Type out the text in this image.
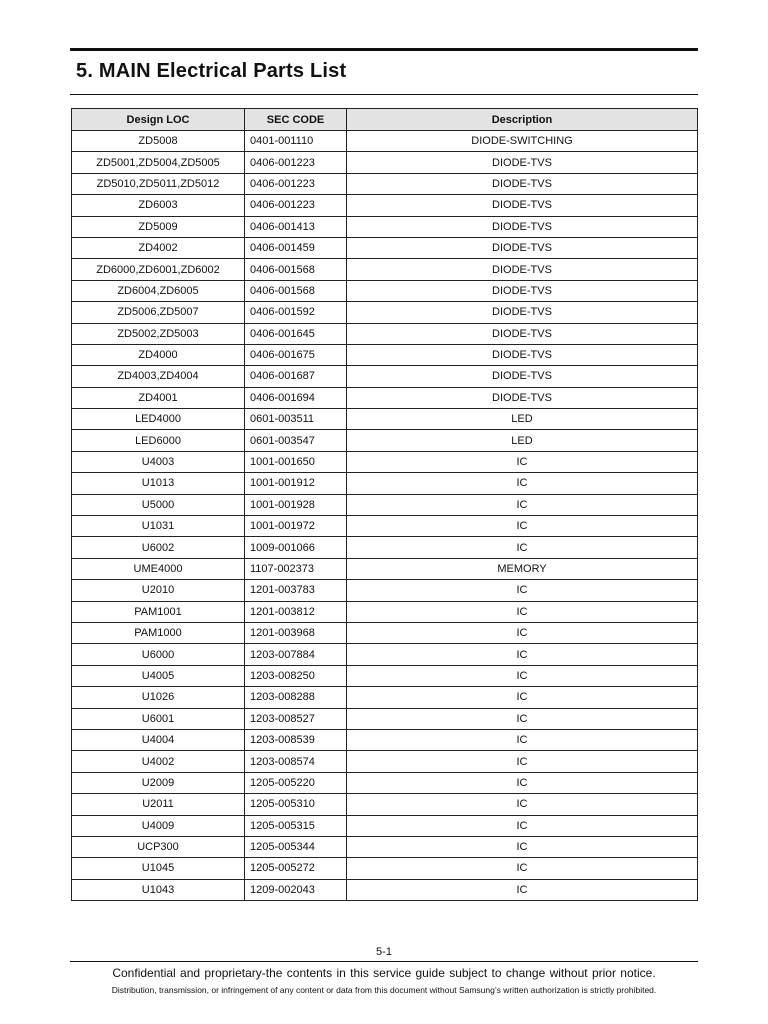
5. MAIN Electrical Parts List
Design LOC	SEC CODE	Description
ZD5008	0401-001110	DIODE-SWITCHING
ZD5001,ZD5004,ZD5005	0406-001223	DIODE-TVS
ZD5010,ZD5011,ZD5012	0406-001223	DIODE-TVS
ZD6003	0406-001223	DIODE-TVS
ZD5009	0406-001413	DIODE-TVS
ZD4002	0406-001459	DIODE-TVS
ZD6000,ZD6001,ZD6002	0406-001568	DIODE-TVS
ZD6004,ZD6005	0406-001568	DIODE-TVS
ZD5006,ZD5007	0406-001592	DIODE-TVS
ZD5002,ZD5003	0406-001645	DIODE-TVS
ZD4000	0406-001675	DIODE-TVS
ZD4003,ZD4004	0406-001687	DIODE-TVS
ZD4001	0406-001694	DIODE-TVS
LED4000	0601-003511	LED
LED6000	0601-003547	LED
U4003	1001-001650	IC
U1013	1001-001912	IC
U5000	1001-001928	IC
U1031	1001-001972	IC
U6002	1009-001066	IC
UME4000	1107-002373	MEMORY
U2010	1201-003783	IC
PAM1001	1201-003812	IC
PAM1000	1201-003968	IC
U6000	1203-007884	IC
U4005	1203-008250	IC
U1026	1203-008288	IC
U6001	1203-008527	IC
U4004	1203-008539	IC
U4002	1203-008574	IC
U2009	1205-005220	IC
U2011	1205-005310	IC
U4009	1205-005315	IC
UCP300	1205-005344	IC
U1045	1205-005272	IC
U1043	1209-002043	IC
5-1
Confidential and proprietary-the contents in this service guide subject to change without prior notice.
Distribution, transmission, or infringement of any content or data from this document without Samsung’s written authorization is strictly prohibited.
